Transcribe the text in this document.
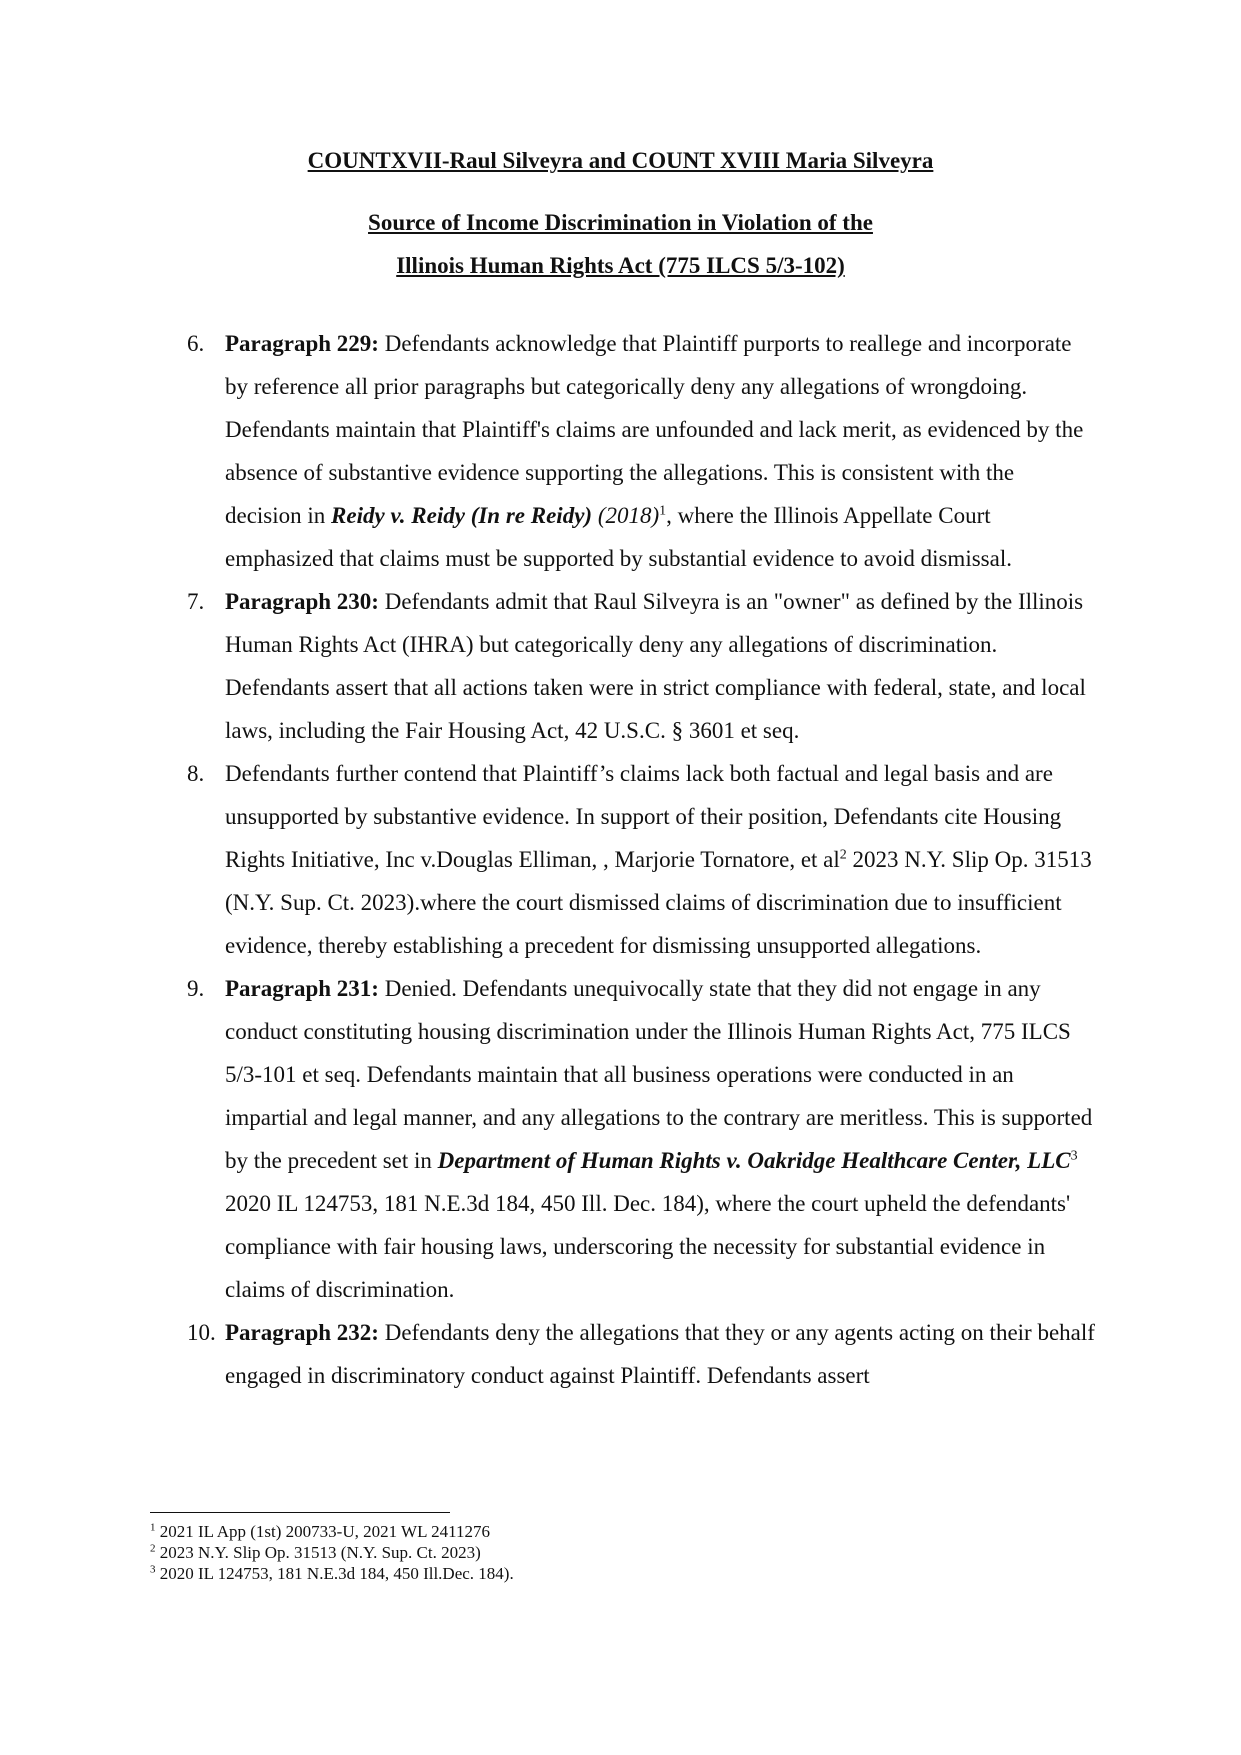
COUNTXVII-Raul Silveyra and COUNT XVIII Maria Silveyra
Source of Income Discrimination in Violation of the
Illinois Human Rights Act (775 ILCS 5/3-102)
6. Paragraph 229: Defendants acknowledge that Plaintiff purports to reallege and incorporate by reference all prior paragraphs but categorically deny any allegations of wrongdoing. Defendants maintain that Plaintiff's claims are unfounded and lack merit, as evidenced by the absence of substantive evidence supporting the allegations. This is consistent with the decision in Reidy v. Reidy (In re Reidy) $(2018)^1$, where the Illinois Appellate Court emphasized that claims must be supported by substantial evidence to avoid dismissal.
7. Paragraph 230: Defendants admit that Raul Silveyra is an "owner" as defined by the Illinois Human Rights Act (IHRA) but categorically deny any allegations of discrimination. Defendants assert that all actions taken were in strict compliance with federal, state, and local laws, including the Fair Housing Act, 42 U.S.C. § 3601 et seq.
8. Defendants further contend that Plaintiff’s claims lack both factual and legal basis and are unsupported by substantive evidence. In support of their position, Defendants cite Housing Rights Initiative, Inc v.Douglas Elliman, , Marjorie Tornatore, et $al^2$ 2023 N.Y. Slip Op. 31513 (N.Y. Sup. Ct. 2023).where the court dismissed claims of discrimination due to insufficient evidence, thereby establishing a precedent for dismissing unsupported allegations.
9. Paragraph 231: Denied. Defendants unequivocally state that they did not engage in any conduct constituting housing discrimination under the Illinois Human Rights Act, 775 ILCS 5/3-101 et seq. Defendants maintain that all business operations were conducted in an impartial and legal manner, and any allegations to the contrary are meritless. This is supported by the precedent set in Department of Human Rights v. Oakridge Healthcare Center, LLC$^3$ 2020 IL 124753, 181 N.E.3d 184, 450 Ill. Dec. 184), where the court upheld the defendants' compliance with fair housing laws, underscoring the necessity for substantial evidence in claims of discrimination.
10. Paragraph 232: Defendants deny the allegations that they or any agents acting on their behalf engaged in discriminatory conduct against Plaintiff. Defendants assert
$^1$ 2021 IL App (1st) 200733-U, 2021 WL 2411276
$^2$ 2023 N.Y. Slip Op. 31513 (N.Y. Sup. Ct. 2023)
$^3$ 2020 IL 124753, 181 N.E.3d 184, 450 Ill.Dec. 184).
